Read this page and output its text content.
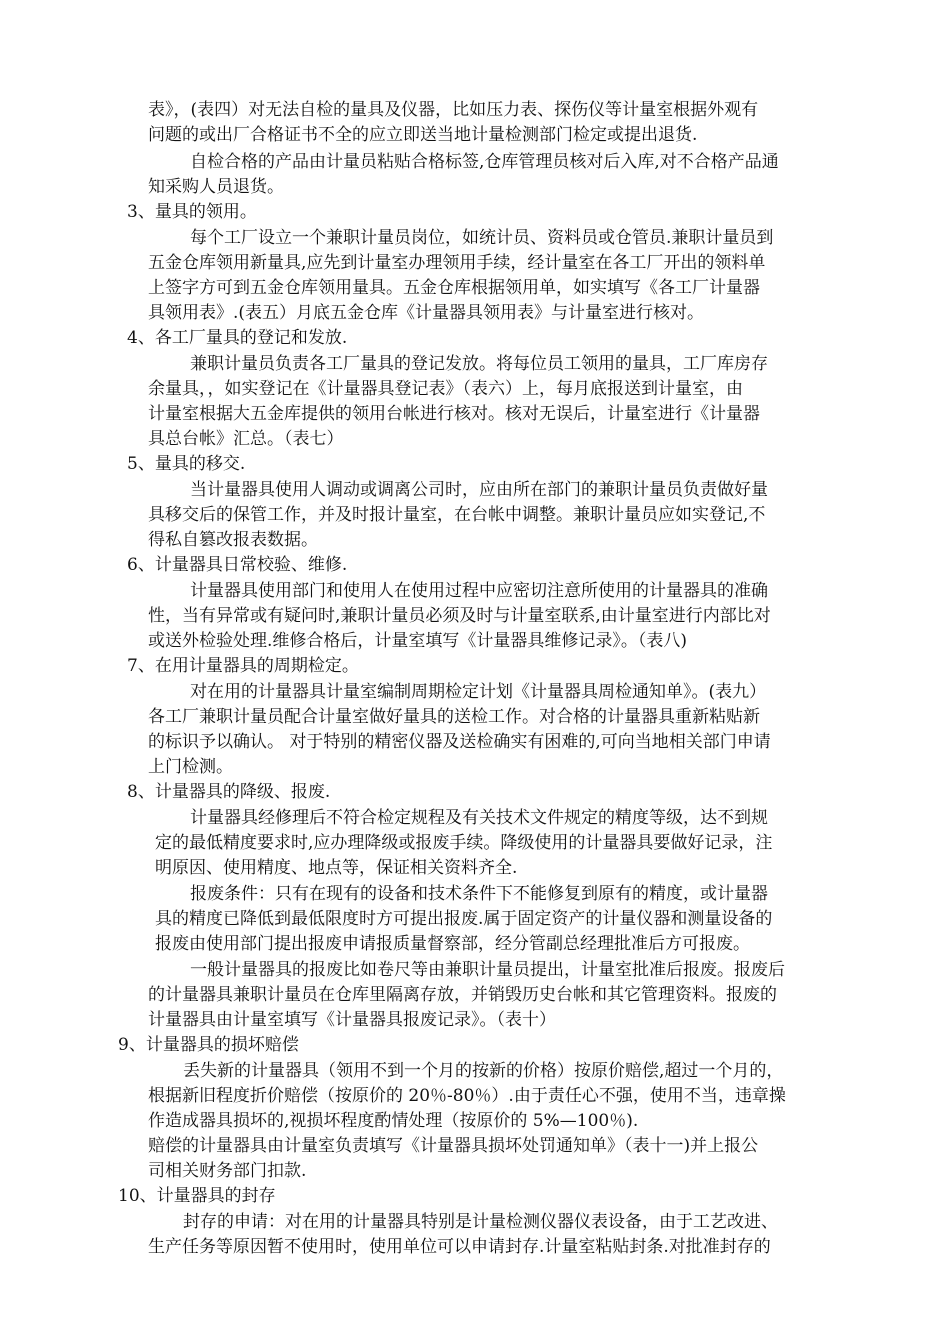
表》，(表四）对无法自检的量具及仪器，比如压力表、探伤仪等计量室根据外观有
问题的或出厂合格证书不全的应立即送当地计量检测部门检定或提出退货.
自检合格的产品由计量员粘贴合格标签,仓库管理员核对后入库,对不合格产品通
知采购人员退货。
3、量具的领用。
每个工厂设立一个兼职计量员岗位，如统计员、资料员或仓管员.兼职计量员到
五金仓库领用新量具,应先到计量室办理领用手续，经计量室在各工厂开出的领料单
上签字方可到五金仓库领用量具。五金仓库根据领用单，如实填写《各工厂计量器
具领用表》.(表五）月底五金仓库《计量器具领用表》与计量室进行核对。
4、各工厂量具的登记和发放.
兼职计量员负责各工厂量具的登记发放。将每位员工领用的量具，工厂库房存
余量具，，如实登记在《计量器具登记表》（表六）上，每月底报送到计量室，由
计量室根据大五金库提供的领用台帐进行核对。核对无误后，计量室进行《计量器
具总台帐》汇总。（表七）
5、量具的移交.
当计量器具使用人调动或调离公司时，应由所在部门的兼职计量员负责做好量
具移交后的保管工作，并及时报计量室，在台帐中调整。兼职计量员应如实登记,不
得私自篡改报表数据。
6、计量器具日常校验、维修.
计量器具使用部门和使用人在使用过程中应密切注意所使用的计量器具的准确
性，当有异常或有疑问时,兼职计量员必须及时与计量室联系,由计量室进行内部比对
或送外检验处理.维修合格后，计量室填写《计量器具维修记录》。（表八)
7、在用计量器具的周期检定。
对在用的计量器具计量室编制周期检定计划《计量器具周检通知单》。(表九）
各工厂兼职计量员配合计量室做好量具的送检工作。对合格的计量器具重新粘贴新
的标识予以确认。 对于特别的精密仪器及送检确实有困难的,可向当地相关部门申请
上门检测。
8、计量器具的降级、报废.
计量器具经修理后不符合检定规程及有关技术文件规定的精度等级，达不到规
定的最低精度要求时,应办理降级或报废手续。降级使用的计量器具要做好记录，注
明原因、使用精度、地点等，保证相关资料齐全.
报废条件：只有在现有的设备和技术条件下不能修复到原有的精度，或计量器
具的精度已降低到最低限度时方可提出报废.属于固定资产的计量仪器和测量设备的
报废由使用部门提出报废申请报质量督察部，经分管副总经理批准后方可报废。
一般计量器具的报废比如卷尺等由兼职计量员提出，计量室批准后报废。报废后
的计量器具兼职计量员在仓库里隔离存放，并销毁历史台帐和其它管理资料。报废的
计量器具由计量室填写《计量器具报废记录》。（表十）
9、计量器具的损坏赔偿
丢失新的计量器具（领用不到一个月的按新的价格）按原价赔偿,超过一个月的，
根据新旧程度折价赔偿（按原价的 20％-80％）.由于责任心不强，使用不当，违章操
作造成器具损坏的,视损坏程度酌情处理（按原价的 5%—100％).
赔偿的计量器具由计量室负责填写《计量器具损坏处罚通知单》（表十一)并上报公
司相关财务部门扣款.
10、计量器具的封存
封存的申请：对在用的计量器具特别是计量检测仪器仪表设备，由于工艺改进、
生产任务等原因暂不使用时，使用单位可以申请封存.计量室粘贴封条.对批准封存的
